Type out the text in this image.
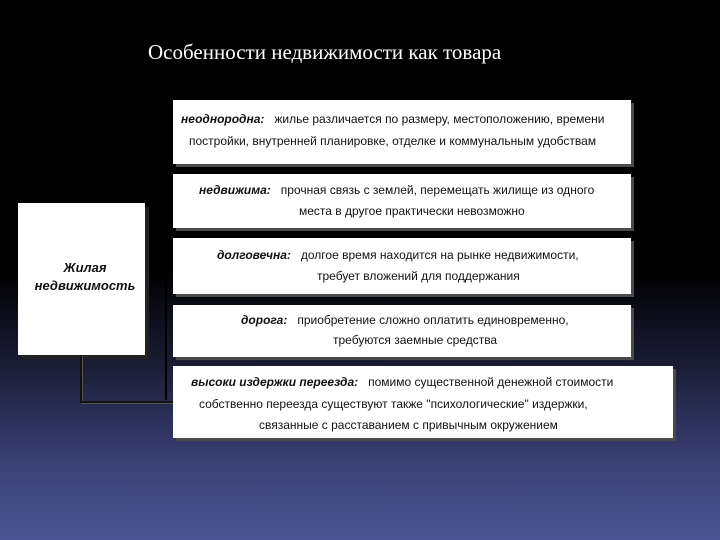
Особенности недвижимости как товара
Жилая
недвижимость
неоднородна: жилье различается по размеру, местоположению, времени
постройки, внутренней планировке, отделке и коммунальным удобствам
недвижима: прочная связь с землей, перемещать жилище из одного
места в другое практически невозможно
долговечна: долгое время находится на рынке недвижимости,
требует вложений для поддержания
дорога: приобретение сложно оплатить единовременно,
требуются заемные средства
высоки издержки переезда: помимо существенной денежной стоимости
собственно переезда существуют также "психологические" издержки,
связанные с расставанием с привычным окружением
